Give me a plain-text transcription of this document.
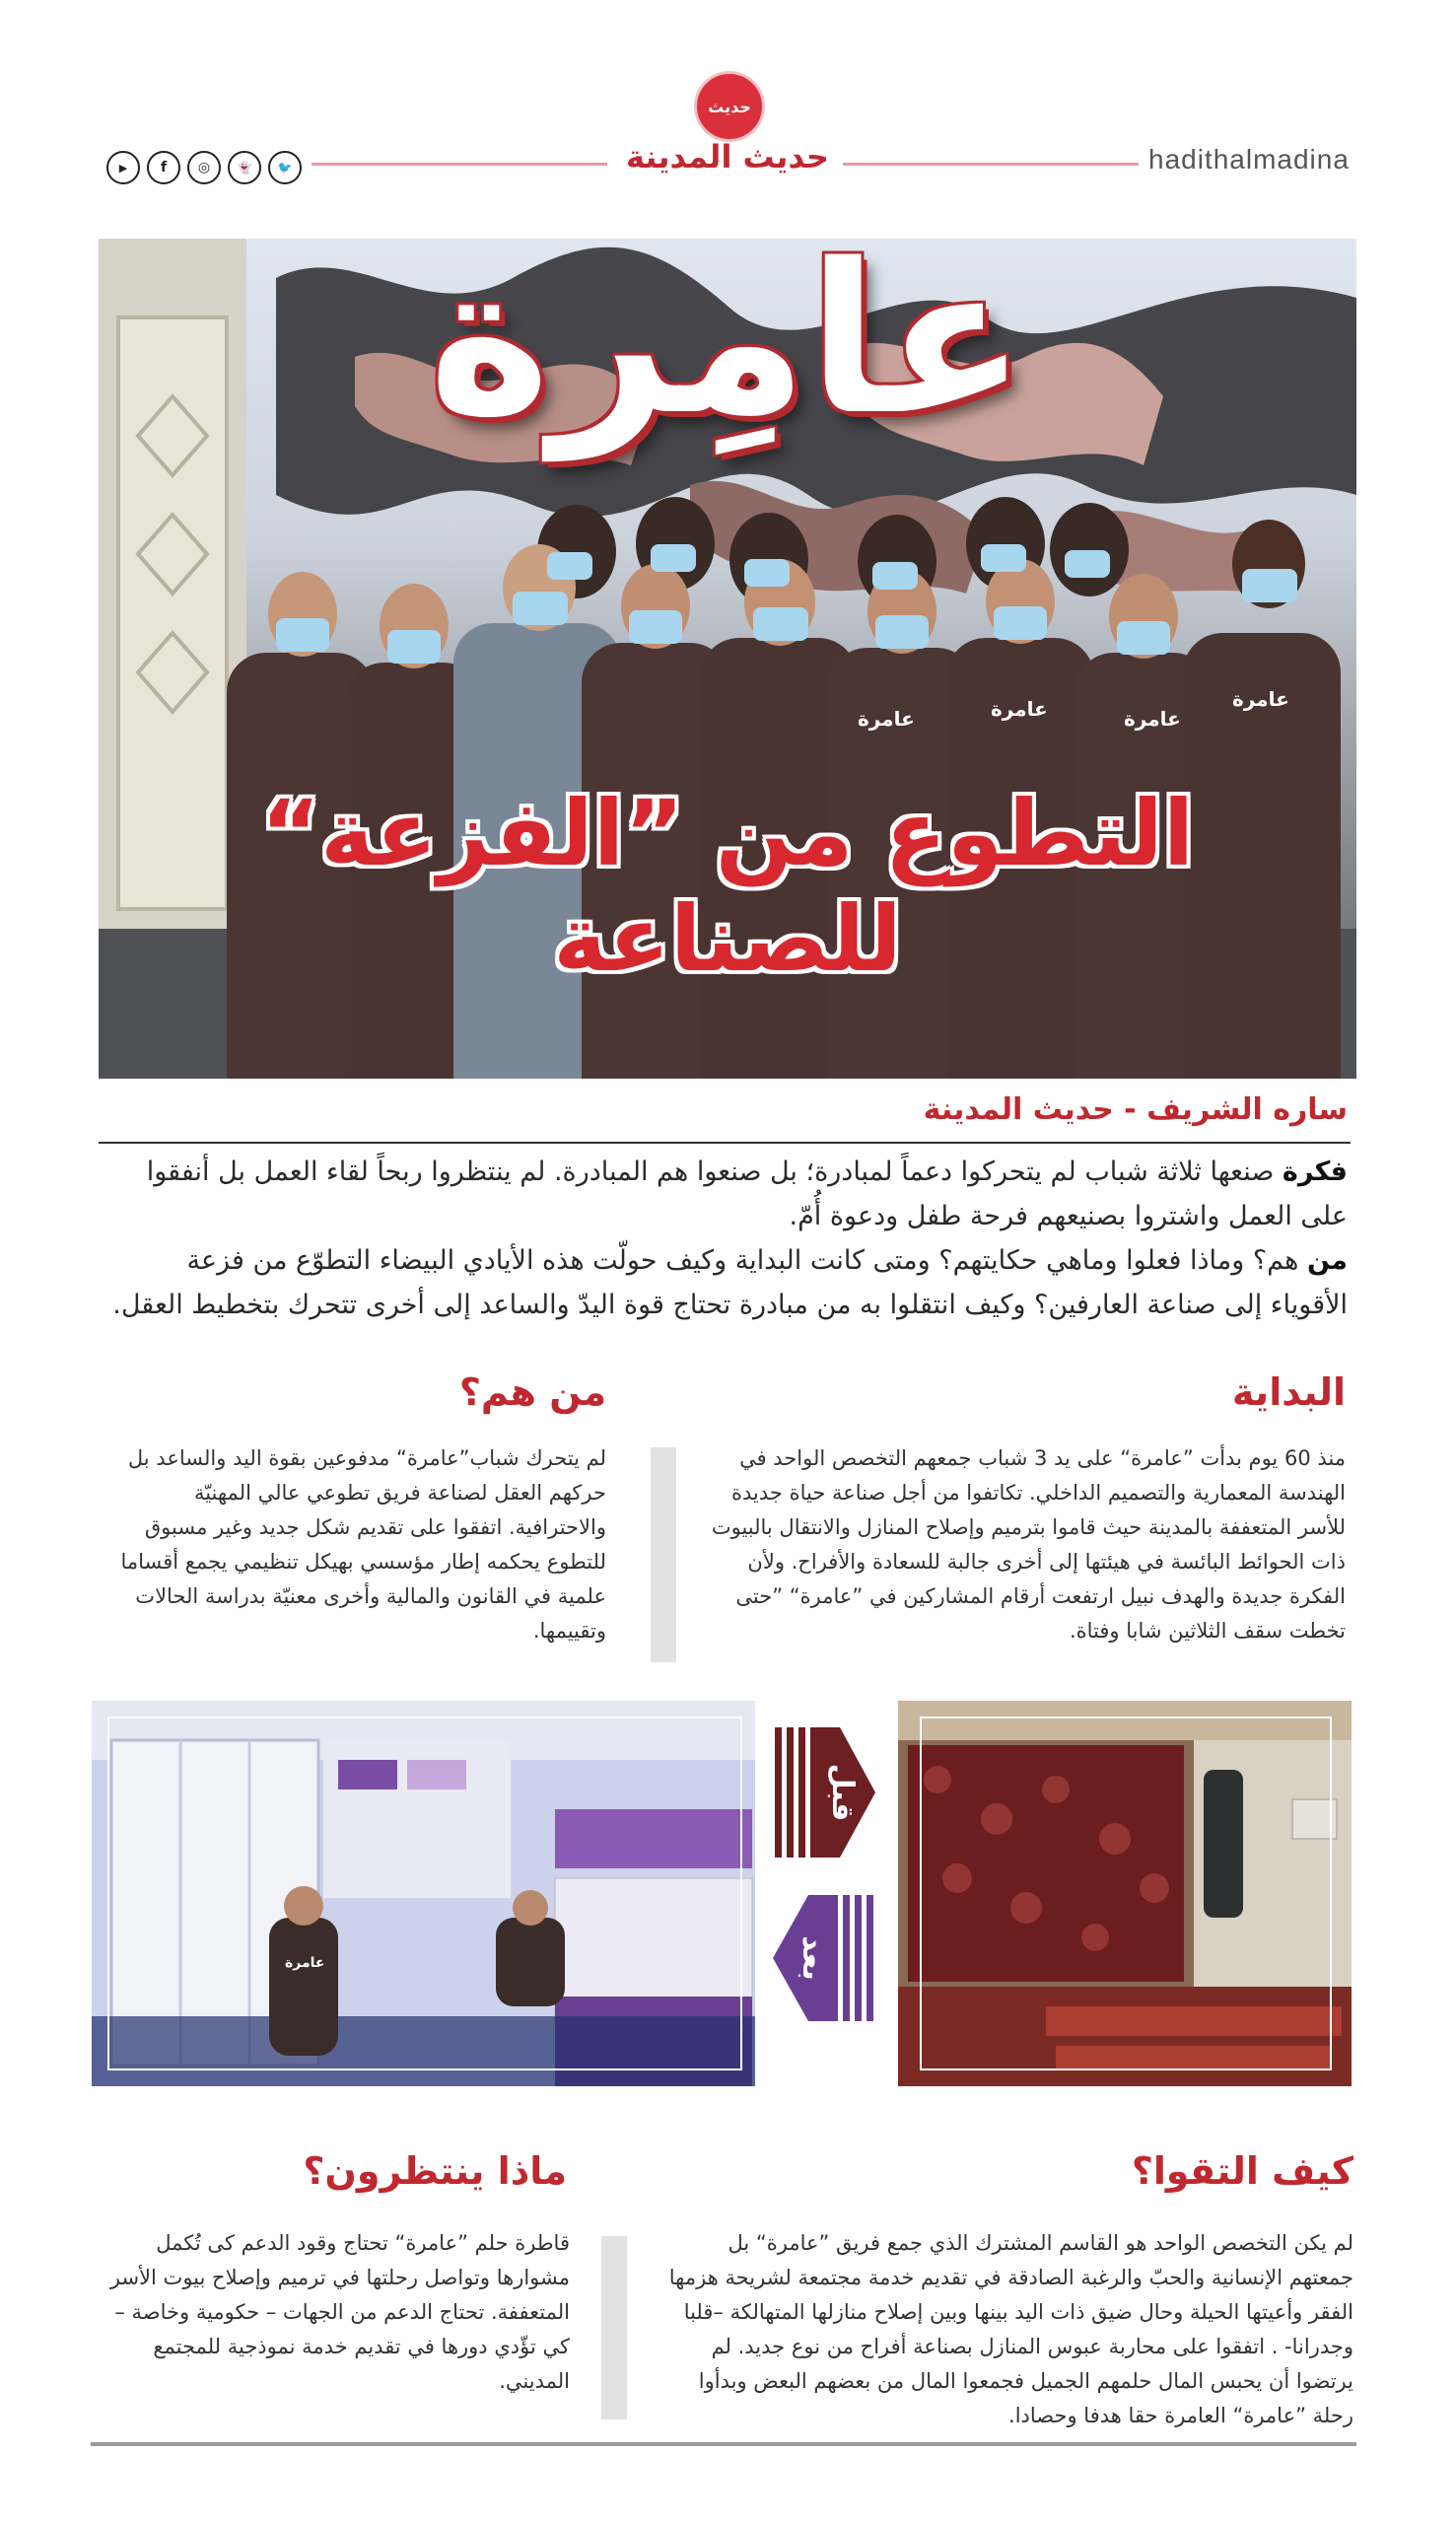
hadithalmadina
حديث
حديث المدينة
🐦
👻
◎
f
▶
عامرة	عامرة	عامرة
عامرة
عامِرة
التطوع من ”الفزعة“ للصناعة
ساره الشريف - حديث المدينة
فكرة صنعها ثلاثة شباب لم يتحركوا دعماً لمبادرة؛ بل صنعوا هم المبادرة. لم ينتظروا ربحاً لقاء العمل بل أنفقوا على العمل واشتروا بصنيعهم فرحة طفل ودعوة أُمّ.
من هم؟ وماذا فعلوا وماهي حكايتهم؟ ومتى كانت البداية وكيف حولّت هذه الأيادي البيضاء التطوّع من فزعة الأقوياء إلى صناعة العارفين؟ وكيف انتقلوا به من مبادرة تحتاج قوة اليدّ والساعد إلى أخرى تتحرك بتخطيط العقل.
البداية
منذ 60 يوم بدأت ”عامرة“ على يد 3 شباب جمعهم التخصص الواحد في الهندسة المعمارية والتصميم الداخلي. تكاتفوا من أجل صناعة حياة جديدة للأسر المتعففة بالمدينة حيث قاموا بترميم وإصلاح المنازل والانتقال بالبيوت ذات الحوائط البائسة في هيئتها إلى أخرى جالبة للسعادة والأفراح. ولأن الفكرة جديدة والهدف نبيل ارتفعت أرقام المشاركين في ”عامرة“ ”حتى تخطت سقف الثلاثين شابا وفتاة.
من هم؟
لم يتحرك شباب”عامرة“ مدفوعين بقوة اليد والساعد بل حركهم العقل لصناعة فريق تطوعي عالي المهنيّة والاحترافية. اتفقوا على تقديم شكل جديد وغير مسبوق للتطوع يحكمه إطار مؤسسي بهيكل تنظيمي يجمع أقساما علمية في القانون والمالية وأخرى معنيّة بدراسة الحالات وتقييمها.
عامرة
قبل
بعد
كيف التقوا؟
لم يكن التخصص الواحد هو القاسم المشترك الذي جمع فريق ”عامرة“ بل جمعتهم الإنسانية والحبّ والرغبة الصادقة في تقديم خدمة مجتمعة لشريحة هزمها الفقر وأعيتها الحيلة وحال ضيق ذات اليد بينها وبين إصلاح منازلها المتهالكة –قلبا وجدرانا- . اتفقوا على محاربة عبوس المنازل بصناعة أفراح من نوع جديد. لم يرتضوا أن يحبس المال حلمهم الجميل فجمعوا المال من بعضهم البعض وبدأوا رحلة ”عامرة“ العامرة حقا هدفا وحصادا.
ماذا ينتظرون؟
قاطرة حلم ”عامرة“ تحتاج وقود الدعم كى تُكمل مشوارها وتواصل رحلتها في ترميم وإصلاح بيوت الأسر المتعففة. تحتاج الدعم من الجهات – حكومية وخاصة – كي تؤّدي دورها في تقديم خدمة نموذجية للمجتمع المديني.
